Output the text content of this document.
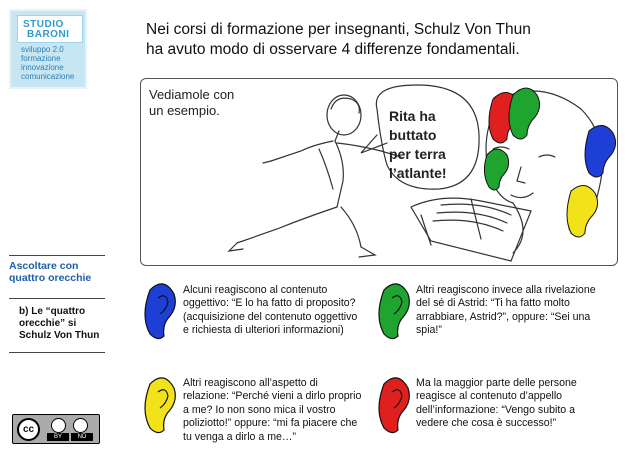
STUDIO
BARONI
sviluppo 2.0
formazione
innovazione
comunicazione
Nei corsi di formazione per insegnanti, Schulz Von Thun
ha avuto modo di osservare 4 differenze fondamentali.
Vediamole con
un esempio.	Rita ha
buttato
per terra
l’atlante!
Ascoltare con
quattro orecchie
b) Le “quattro
orecchie” si
Schulz Von Thun
Alcuni reagiscono al contenuto
oggettivo: “E lo ha fatto di proposito?
(acquisizione del contenuto oggettivo
e richiesta di ulteriori informazioni)
Altri reagiscono invece alla rivelazione
del sé di Astrid: “Ti ha fatto molto
arrabbiare, Astrid?”, oppure: “Sei una
spia!”
Altri reagiscono all’aspetto di
relazione: “Perché vieni a dirlo proprio
a me? Io non sono mica il vostro
poliziotto!” oppure: “mi fa piacere che
tu venga a dirlo a me…”
Ma la maggior parte delle persone
reagisce al contenuto d’appello
dell’informazione: “Vengo subito a
vedere che cosa è successo!”
cc
BY	ND
